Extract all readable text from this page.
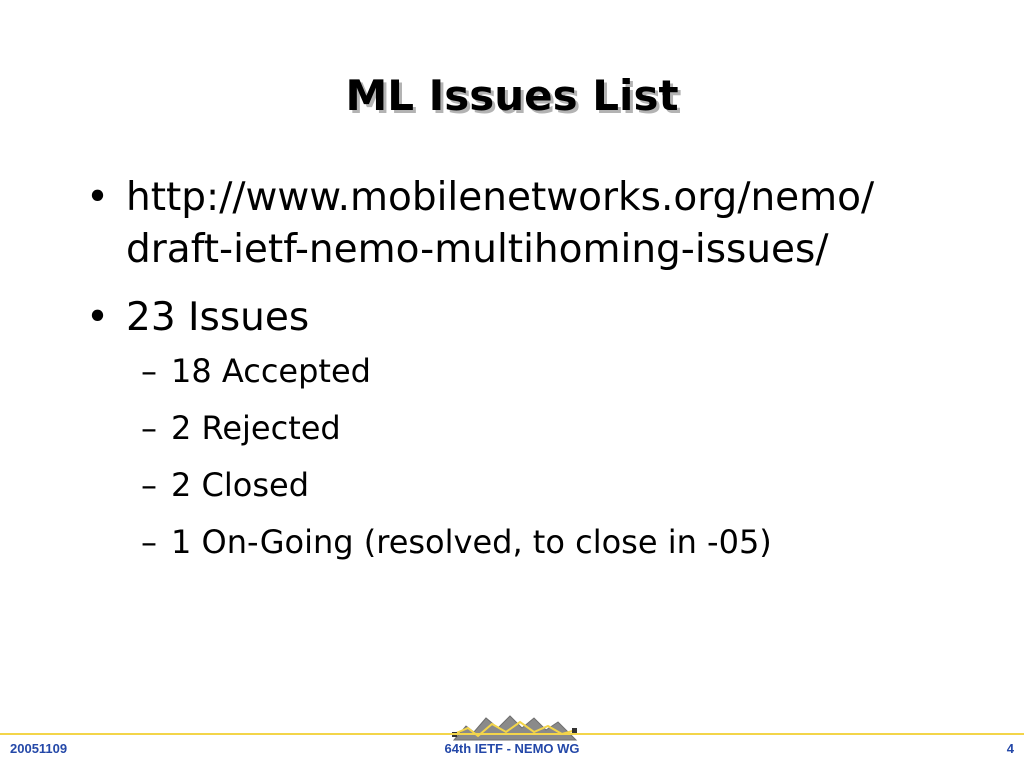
ML Issues List
• http://www.mobilenetworks.org/nemo/
draft-ietf-nemo-multihoming-issues/
• 23 Issues
– 18 Accepted
– 2 Rejected
– 2 Closed
– 1 On-Going (resolved, to close in -05)
20051109	64th IETF - NEMO WG	4
